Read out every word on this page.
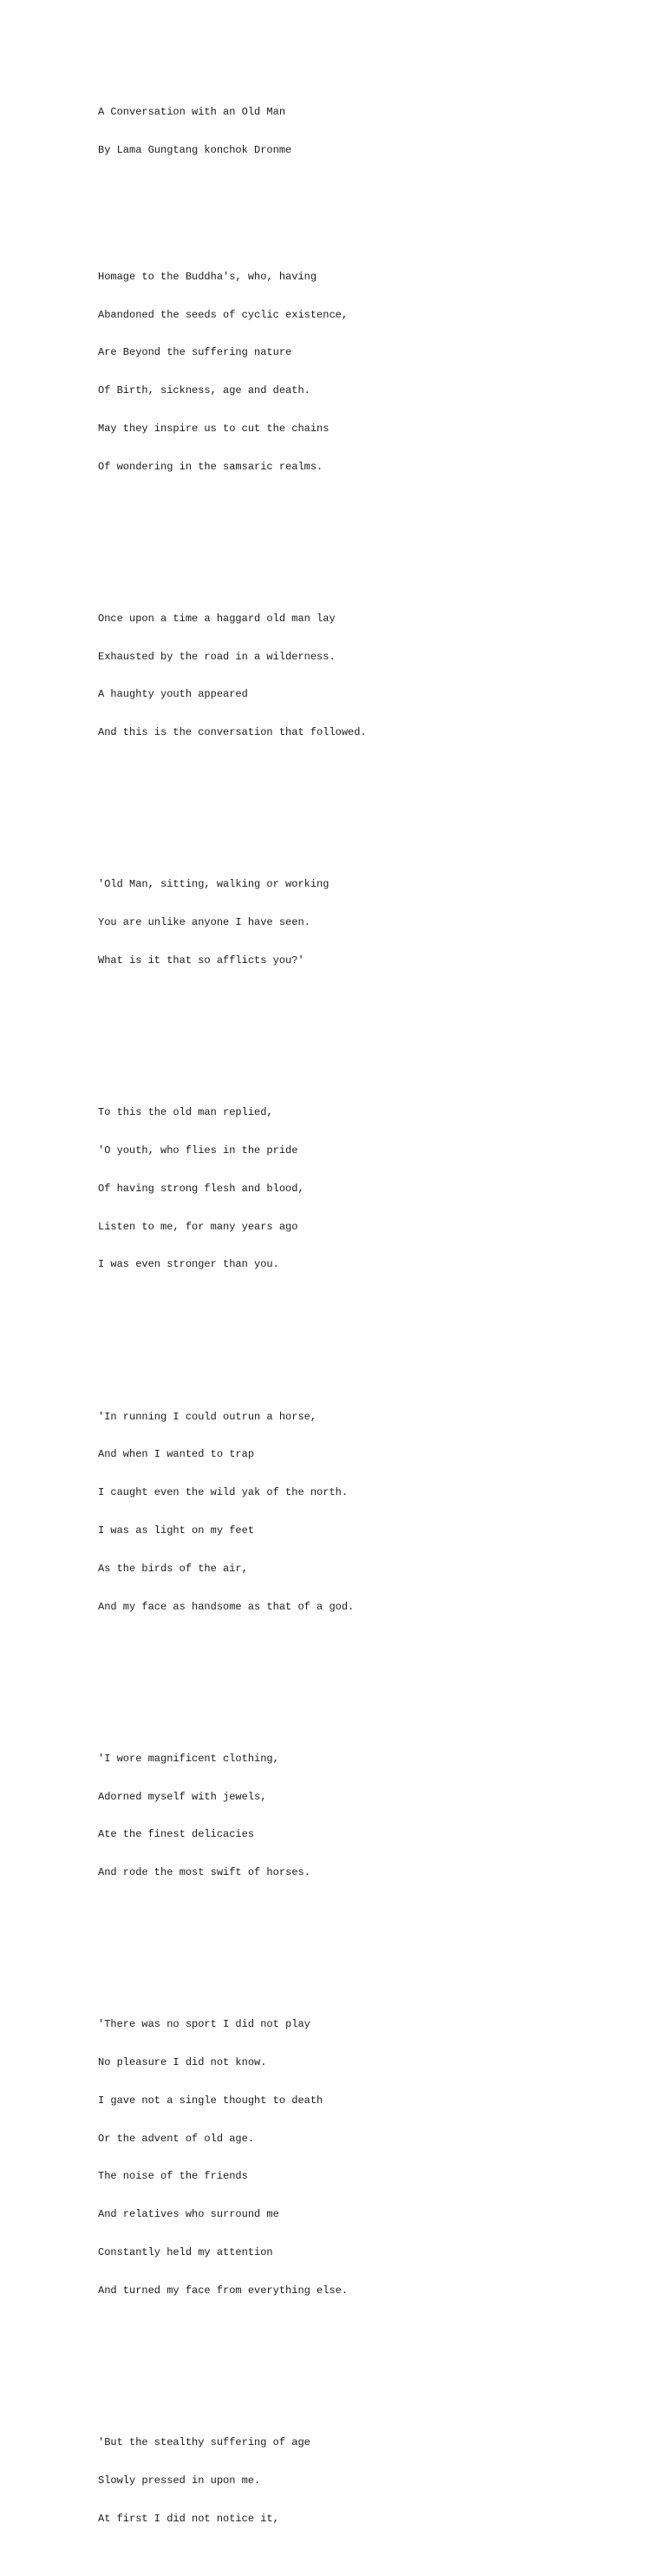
A Conversation with an Old Man

By Lama Gungtang konchok Dronme

Homage to the Buddha's, who, having

Abandoned the seeds of cyclic existence,

Are Beyond the suffering nature

Of Birth, sickness, age and death.

May they inspire us to cut the chains

Of wondering in the samsaric realms.

Once upon a time a haggard old man lay

Exhausted by the road in a wilderness.

A haughty youth appeared

And this is the conversation that followed.

'Old Man, sitting, walking or working

You are unlike anyone I have seen.

What is it that so afflicts you?'

To this the old man replied,

'O youth, who flies in the pride

Of having strong flesh and blood,

Listen to me, for many years ago

I was even stronger than you.

'In running I could outrun a horse,

And when I wanted to trap

I caught even the wild yak of the north.

I was as light on my feet

As the birds of the air,

And my face as handsome as that of a god.

'I wore magnificent clothing,

Adorned myself with jewels,

Ate the finest delicacies

And rode the most swift of horses.

'There was no sport I did not play

No pleasure I did not know.

I gave not a single thought to death

Or the advent of old age.

The noise of the friends

And relatives who surround me

Constantly held my attention

And turned my face from everything else.

'But the stealthy suffering of age

Slowly pressed in upon me.

At first I did not notice it,
